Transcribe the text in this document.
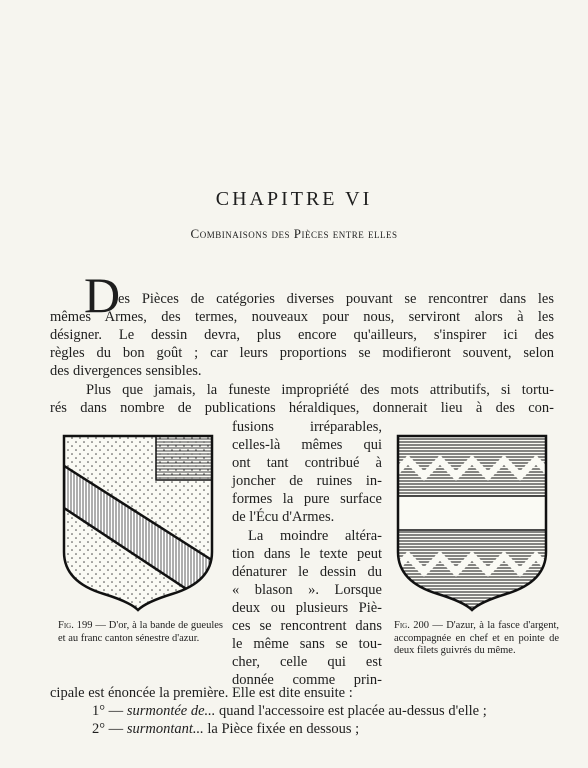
CHAPITRE VI
Combinaisons des Pièces entre elles
D
es Pièces de catégories diverses pouvant se rencontrer dans les
mêmes Armes, des termes, nouveaux pour nous, serviront alors à les
désigner. Le dessin devra, plus encore qu'ailleurs, s'inspirer ici des
règles du bon goût ; car leurs proportions se modifieront souvent, selon
des divergences sensibles.
Plus que jamais, la funeste impropriété des mots attributifs, si tortu-
rés dans nombre de publications héraldiques, donnerait lieu à des con-
fusions irréparables,
celles-là mêmes qui
ont tant contribué à
joncher de ruines in-
formes la pure surface
de l'Écu d'Armes.
La moindre altéra-
tion dans le texte peut
dénaturer le dessin du
« blason ». Lorsque
deux ou plusieurs Piè-
ces se rencontrent dans
le même sans se tou-
cher, celle qui est
donnée comme prin-
cipale est énoncée la première. Elle est dite ensuite :
1° — surmontée de... quand l'accessoire est placée au-dessus d'elle ;
2° — surmontant... la Pièce fixée en dessous ;
Fig. 199 — D'or, à la bande de gueules et au franc canton sénestre d'azur.
Fig. 200 — D'azur, à la fasce d'argent, accompagnée en chef et en pointe de deux filets guivrés du même.
